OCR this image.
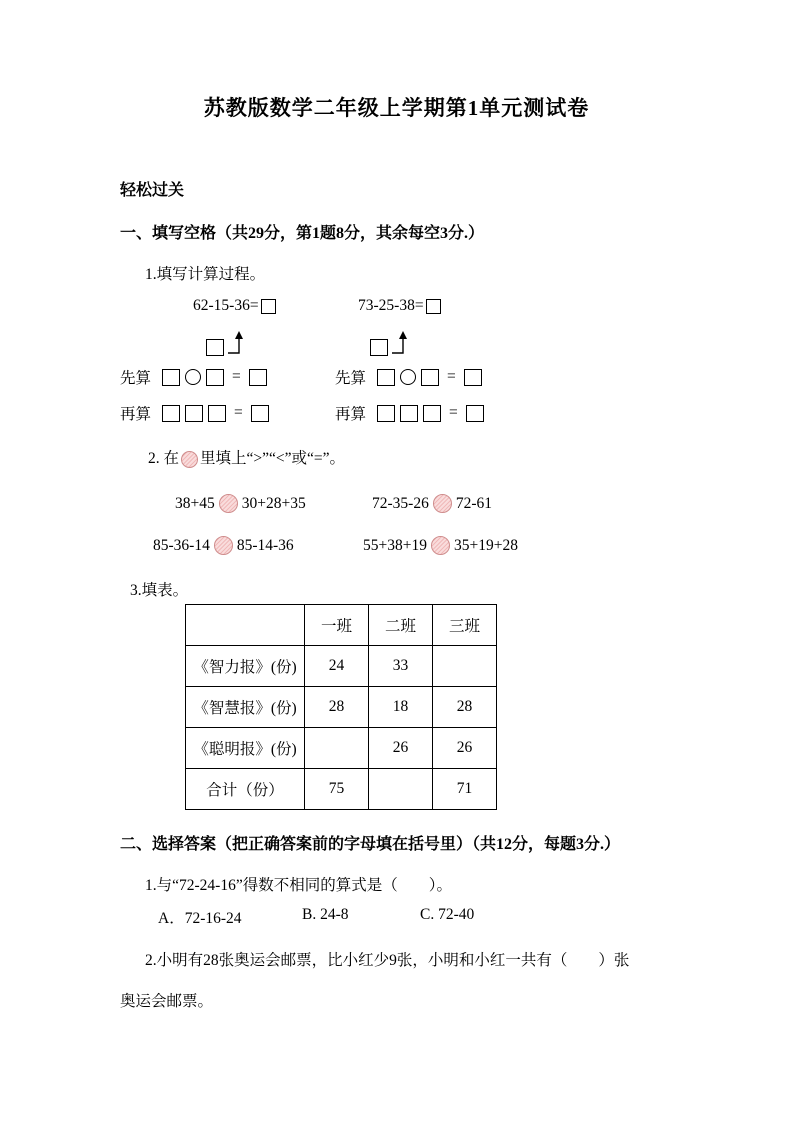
苏教版数学二年级上学期第1单元测试卷
轻松过关
一、填写空格（共29分，第1题8分，其余每空3分.）
1.填写计算过程。
62-15-36=	73-25-38=
先算	=	先算	=
再算	=	再算	=
2. 在 里填上“>”“<”或“=”。
38+45 30+28+35	72-35-26 72-61
85-36-14 85-14-36	55+38+19 35+19+28
3.填表。
	一班	二班	三班
《智力报》(份)	24	33	
《智慧报》(份)	28	18	28
《聪明报》(份)		26	26
合计（份）	75		71
二、选择答案（把正确答案前的字母填在括号里）（共12分，每题3分.）
1.与“72-24-16”得数不相同的算式是（　　）。
A．72-16-24	B. 24-8	C. 72-40
2.小明有28张奥运会邮票，比小红少9张，小明和小红一共有（　　）张
奥运会邮票。
